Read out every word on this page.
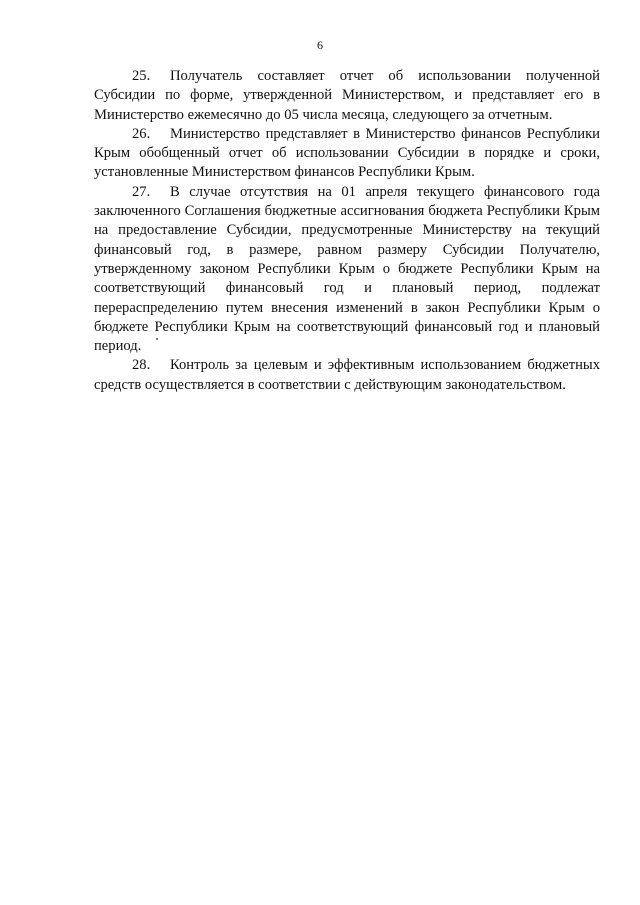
6

25. Получатель составляет отчет об использовании полученной Субсидии по форме, утвержденной Министерством, и представляет его в Министерство ежемесячно до 05 числа месяца, следующего за отчетным.

26. Министерство представляет в Министерство финансов Республики Крым обобщенный отчет об использовании Субсидии в порядке и сроки, установленные Министерством финансов Республики Крым.

27. В случае отсутствия на 01 апреля текущего финансового года заключенного Соглашения бюджетные ассигнования бюджета Республики Крым на предоставление Субсидии, предусмотренные Министерству на текущий финансовый год, в размере, равном размеру Субсидии Получателю, утвержденному законом Республики Крым о бюджете Республики Крым на соответствующий финансовый год и плановый период, подлежат перераспределению путем внесения изменений в закон Республики Крым о бюджете Республики Крым на соответствующий финансовый год и плановый период.

28. Контроль за целевым и эффективным использованием бюджетных средств осуществляется в соответствии с действующим законодательством.
